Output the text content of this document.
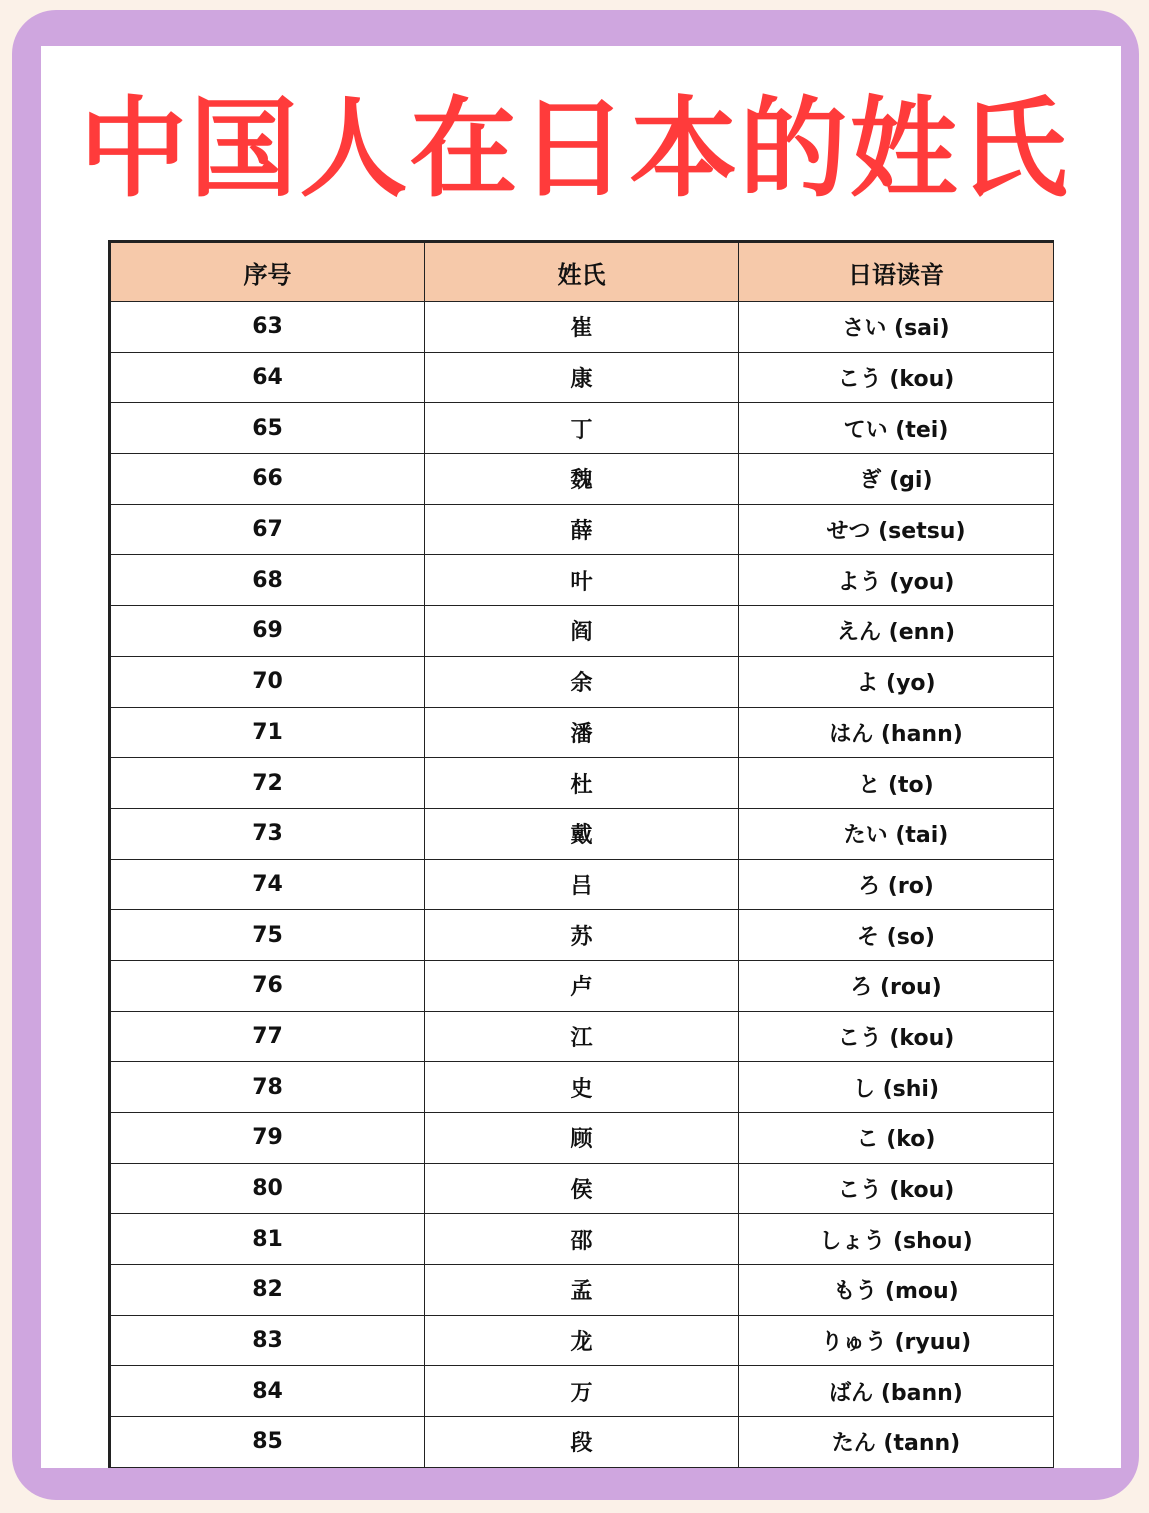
中国人在日本的姓氏
序号	姓氏	日语读音
63	崔	さい (sai)
64	康	こう (kou)
65	丁	てい (tei)
66	魏	ぎ (gi)
67	薛	せつ (setsu)
68	叶	よう (you)
69	阎	えん (enn)
70	余	よ (yo)
71	潘	はん (hann)
72	杜	と (to)
73	戴	たい (tai)
74	吕	ろ (ro)
75	苏	そ (so)
76	卢	ろ (rou)
77	江	こう (kou)
78	史	し (shi)
79	顾	こ (ko)
80	侯	こう (kou)
81	邵	しょう (shou)
82	孟	もう (mou)
83	龙	りゅう (ryuu)
84	万	ばん (bann)
85	段	たん (tann)
